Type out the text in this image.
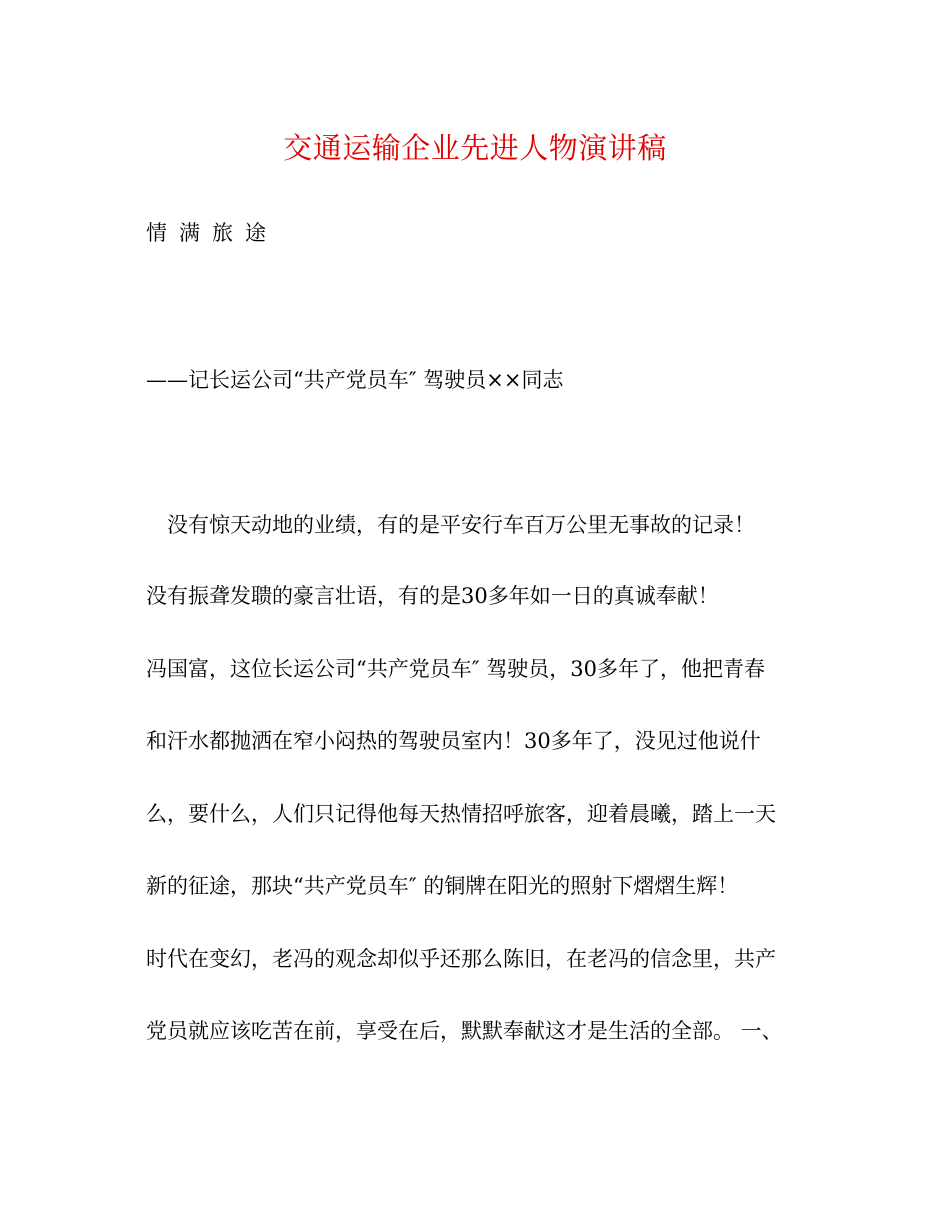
交通运输企业先进人物演讲稿
情满旅途
——记长运公司“共产党员车″ 驾驶员××同志
　没有惊天动地的业绩，有的是平安行车百万公里无事故的记录！
没有振聋发聩的豪言壮语，有的是30多年如一日的真诚奉献！
冯国富，这位长运公司“共产党员车″ 驾驶员，30多年了，他把青春
和汗水都抛洒在窄小闷热的驾驶员室内！30多年了，没见过他说什
么，要什么，人们只记得他每天热情招呼旅客，迎着晨曦，踏上一天
新的征途，那块“共产党员车″ 的铜牌在阳光的照射下熠熠生辉！
时代在变幻，老冯的观念却似乎还那么陈旧，在老冯的信念里，共产
党员就应该吃苦在前，享受在后，默默奉献这才是生活的全部。 一、
